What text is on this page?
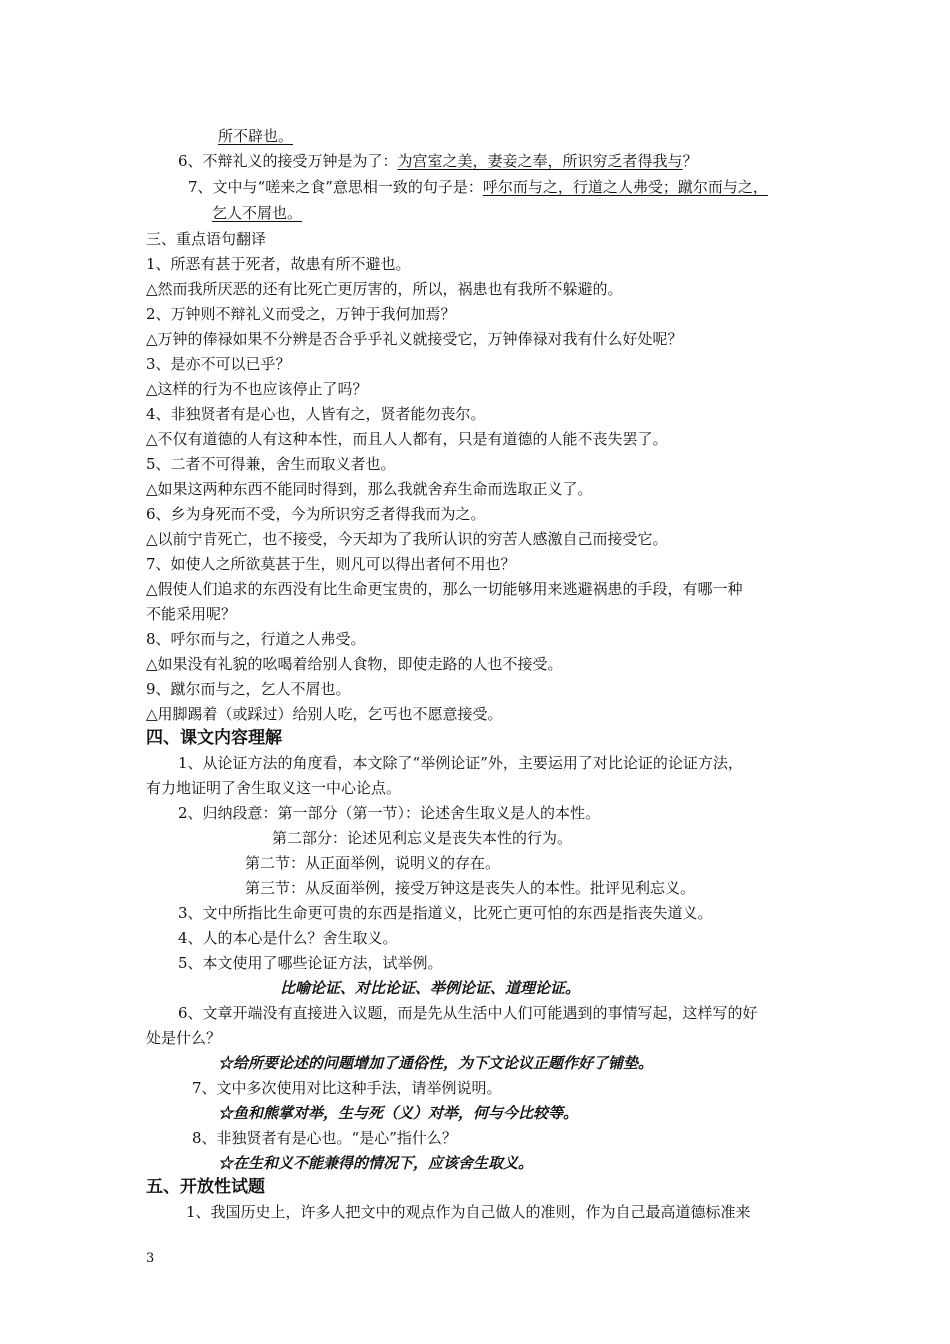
所不辟也。
6、不辩礼义的接受万钟是为了：为宫室之美，妻妾之奉，所识穷乏者得我与？
7、文中与“嗟来之食”意思相一致的句子是：呼尔而与之，行道之人弗受；蹴尔而与之，
乞人不屑也。
三、重点语句翻译
1、所恶有甚于死者，故患有所不避也。
△然而我所厌恶的还有比死亡更厉害的，所以，祸患也有我所不躲避的。
2、万钟则不辩礼义而受之，万钟于我何加焉？
△万钟的俸禄如果不分辨是否合乎乎礼义就接受它，万钟俸禄对我有什么好处呢？
3、是亦不可以已乎？
△这样的行为不也应该停止了吗？
4、非独贤者有是心也，人皆有之，贤者能勿丧尔。
△不仅有道德的人有这种本性，而且人人都有，只是有道德的人能不丧失罢了。
5、二者不可得兼，舍生而取义者也。
△如果这两种东西不能同时得到，那么我就舍弃生命而选取正义了。
6、乡为身死而不受，今为所识穷乏者得我而为之。
△以前宁肯死亡，也不接受，今天却为了我所认识的穷苦人感激自己而接受它。
7、如使人之所欲莫甚于生，则凡可以得出者何不用也？
△假使人们追求的东西没有比生命更宝贵的，那么一切能够用来逃避祸患的手段，有哪一种
不能采用呢？
8、呼尔而与之，行道之人弗受。
△如果没有礼貌的吆喝着给别人食物，即使走路的人也不接受。
9、蹴尔而与之，乞人不屑也。
△用脚踢着（或踩过）给别人吃，乞丐也不愿意接受。
四、课文内容理解
1、从论证方法的角度看，本文除了“举例论证”外，主要运用了对比论证的论证方法，
有力地证明了舍生取义这一中心论点。
2、归纳段意：第一部分（第一节）：论述舍生取义是人的本性。
第二部分：论述见利忘义是丧失本性的行为。
第二节：从正面举例，说明义的存在。
第三节：从反面举例，接受万钟这是丧失人的本性。批评见利忘义。
3、文中所指比生命更可贵的东西是指道义，比死亡更可怕的东西是指丧失道义。
4、人的本心是什么？舍生取义。
5、本文使用了哪些论证方法，试举例。
比喻论证、对比论证、举例论证、道理论证。
6、文章开端没有直接进入议题，而是先从生活中人们可能遇到的事情写起，这样写的好
处是什么？
☆给所要论述的问题增加了通俗性，为下文论议正题作好了铺垫。
7、文中多次使用对比这种手法，请举例说明。
☆鱼和熊掌对举，生与死（义）对举，何与今比较等。
8、非独贤者有是心也。“是心”指什么？
☆在生和义不能兼得的情况下，应该舍生取义。
五、开放性试题
1、我国历史上，许多人把文中的观点作为自己做人的准则，作为自己最高道德标准来
3
